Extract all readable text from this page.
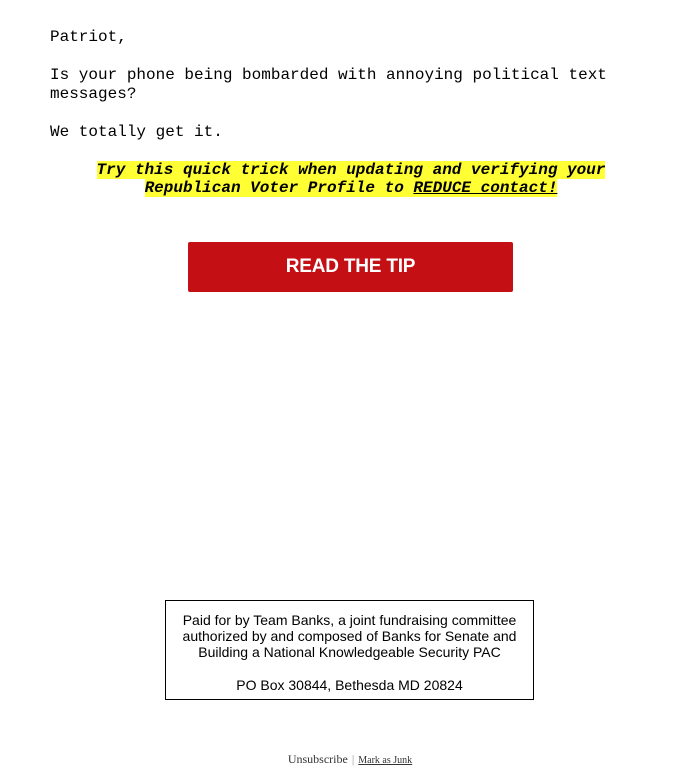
Patriot,

Is your phone being bombarded with annoying political text messages?

We totally get it.

Try this quick trick when updating and verifying your Republican Voter Profile to REDUCE contact!
READ THE TIP
Paid for by Team Banks, a joint fundraising committee authorized by and composed of Banks for Senate and Building a National Knowledgeable Security PAC
PO Box 30844, Bethesda MD 20824
Unsubscribe | Mark as Junk
